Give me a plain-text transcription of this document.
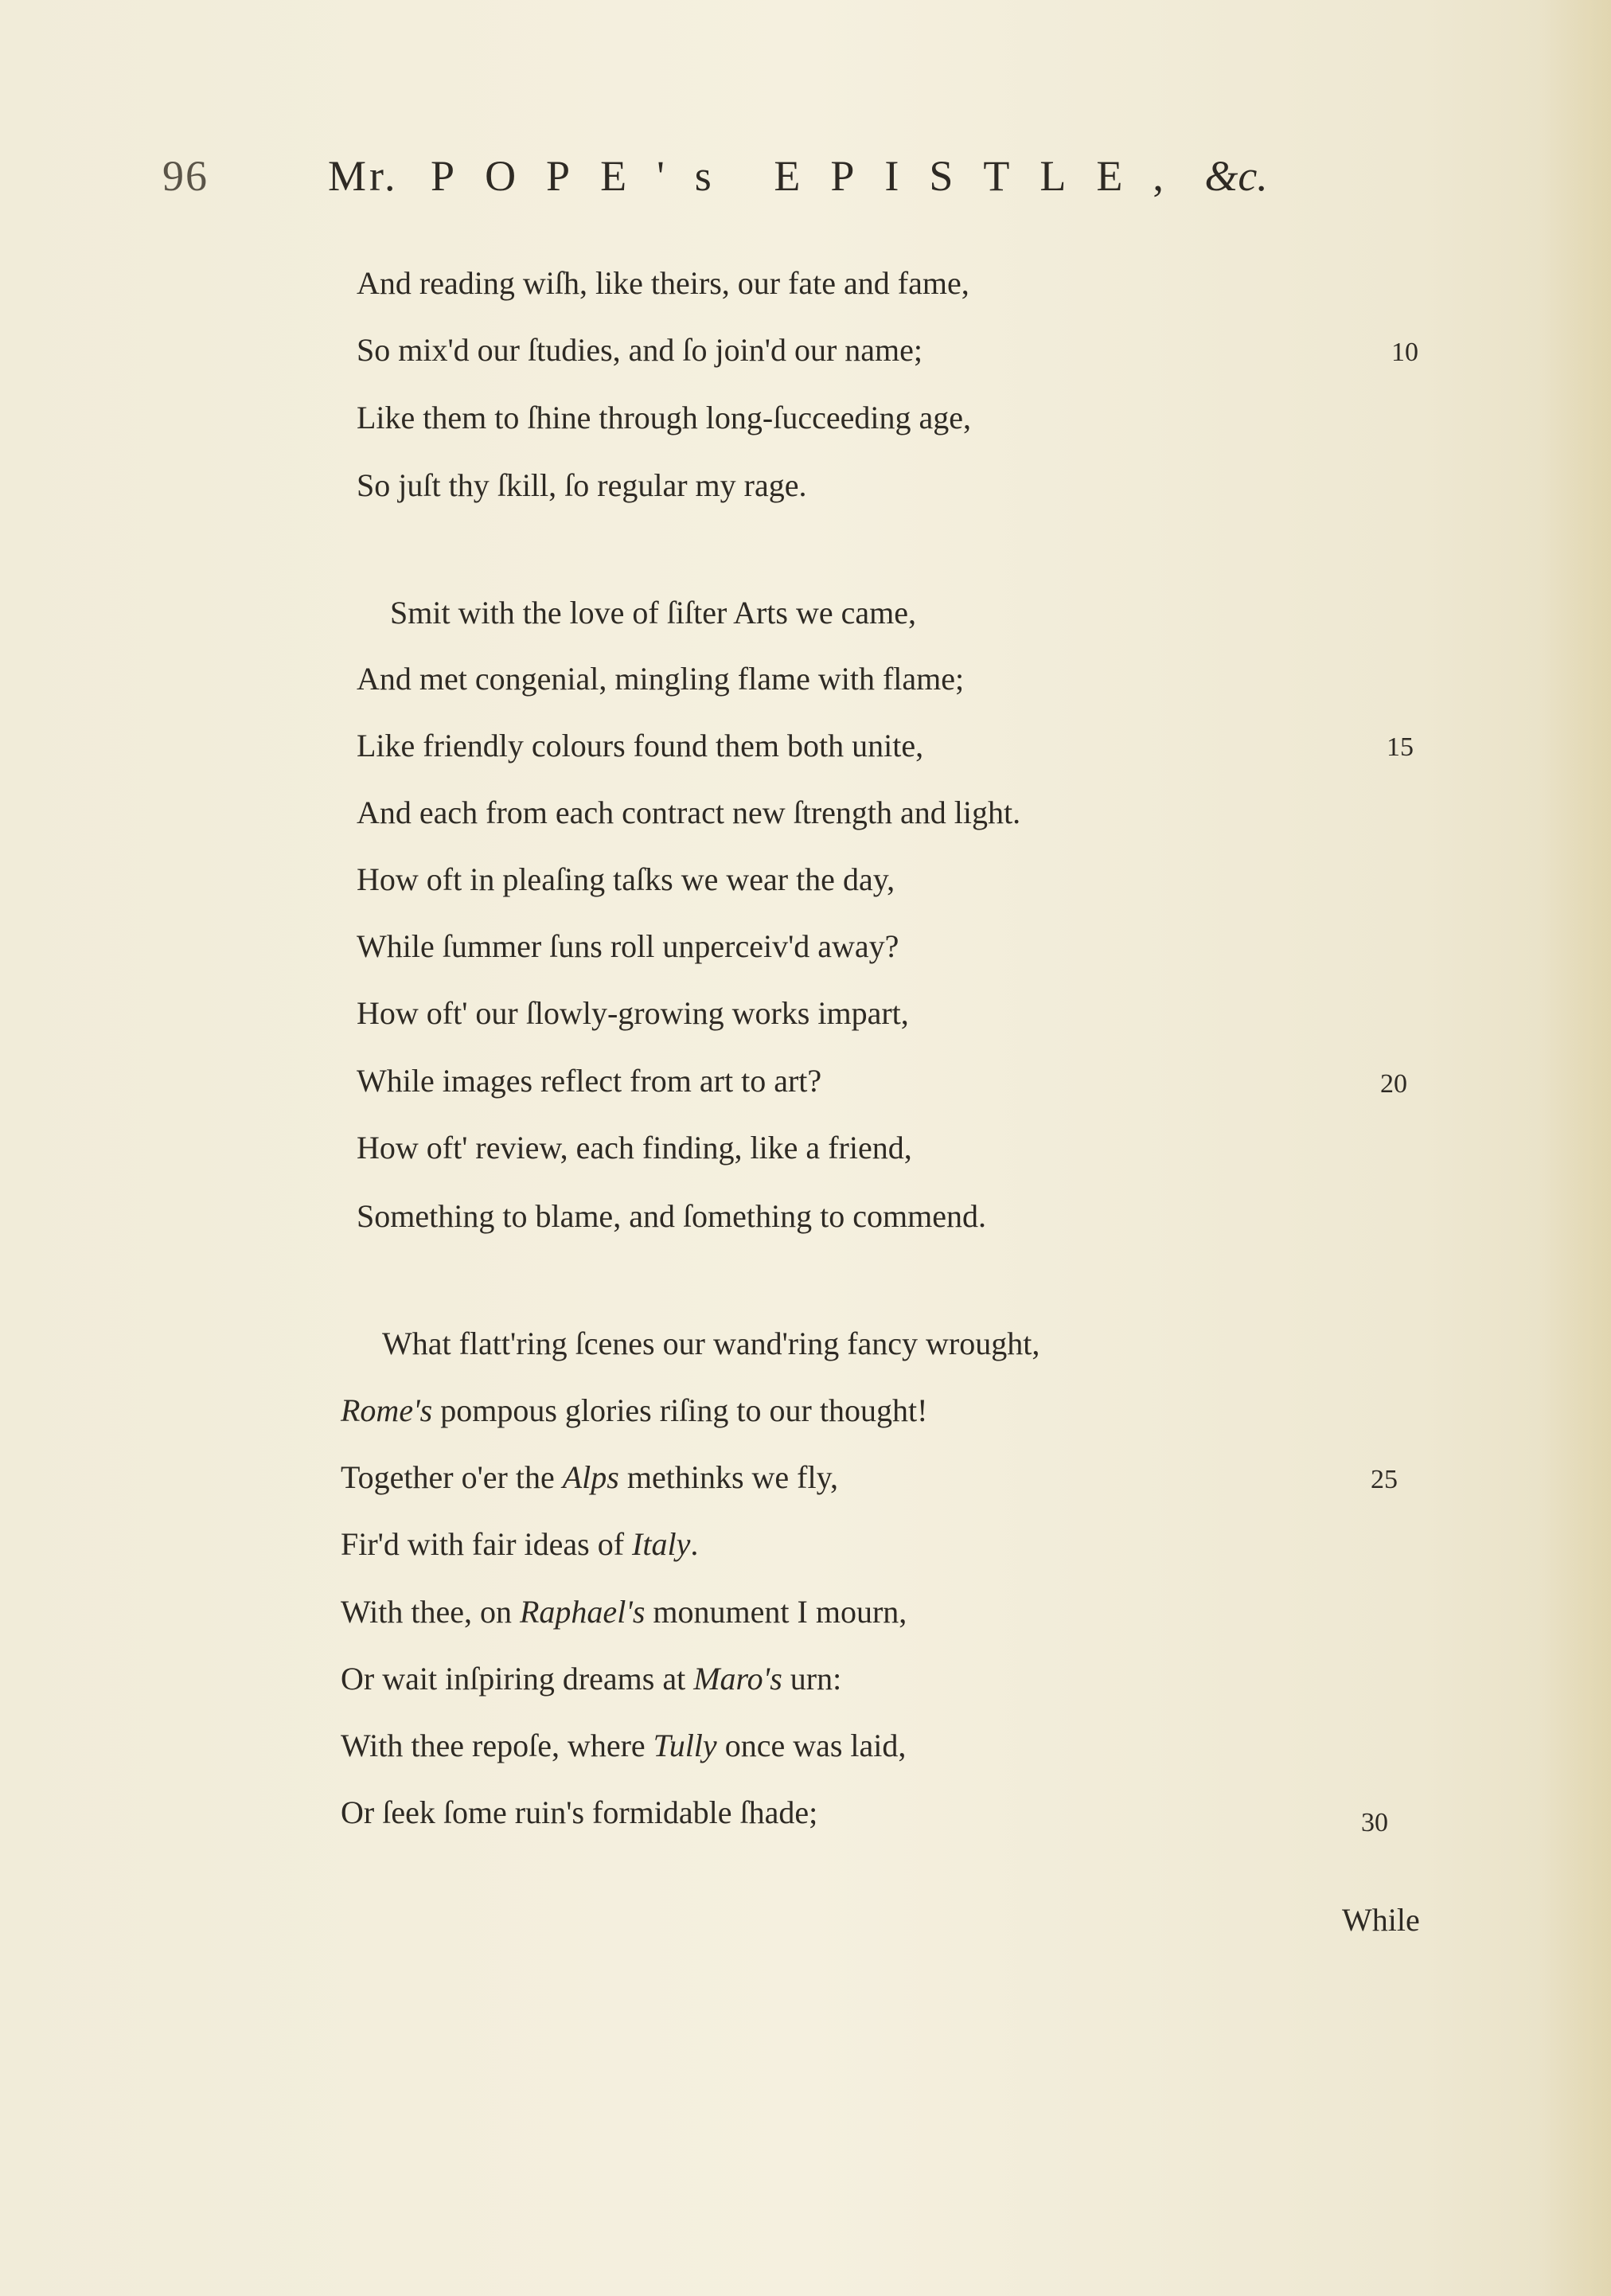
96	Mr. POPE's EPISTLE, &c.
And reading wiſh, like theirs, our fate and fame,
So mix'd our ſtudies, and ſo join'd our name;
Like them to ſhine through long-ſucceeding age,
So juſt thy ſkill, ſo regular my rage.
Smit with the love of ſiſter Arts we came,
And met congenial, mingling flame with flame;
Like friendly colours found them both unite,
And each from each contract new ſtrength and light.
How oft in pleaſing taſks we wear the day,
While ſummer ſuns roll unperceiv'd away?
How oft' our ſlowly-growing works impart,
While images reflect from art to art?
How oft' review, each finding, like a friend,
Something to blame, and ſomething to commend.
What flatt'ring ſcenes our wand'ring fancy wrought,
Rome's pompous glories riſing to our thought!
Together o'er the Alps methinks we fly,
Fir'd with fair ideas of Italy.
With thee, on Raphael's monument I mourn,
Or wait inſpiring dreams at Maro's urn:
With thee repoſe, where Tully once was laid,
Or ſeek ſome ruin's formidable ſhade;
10
15
20
25
30
While
